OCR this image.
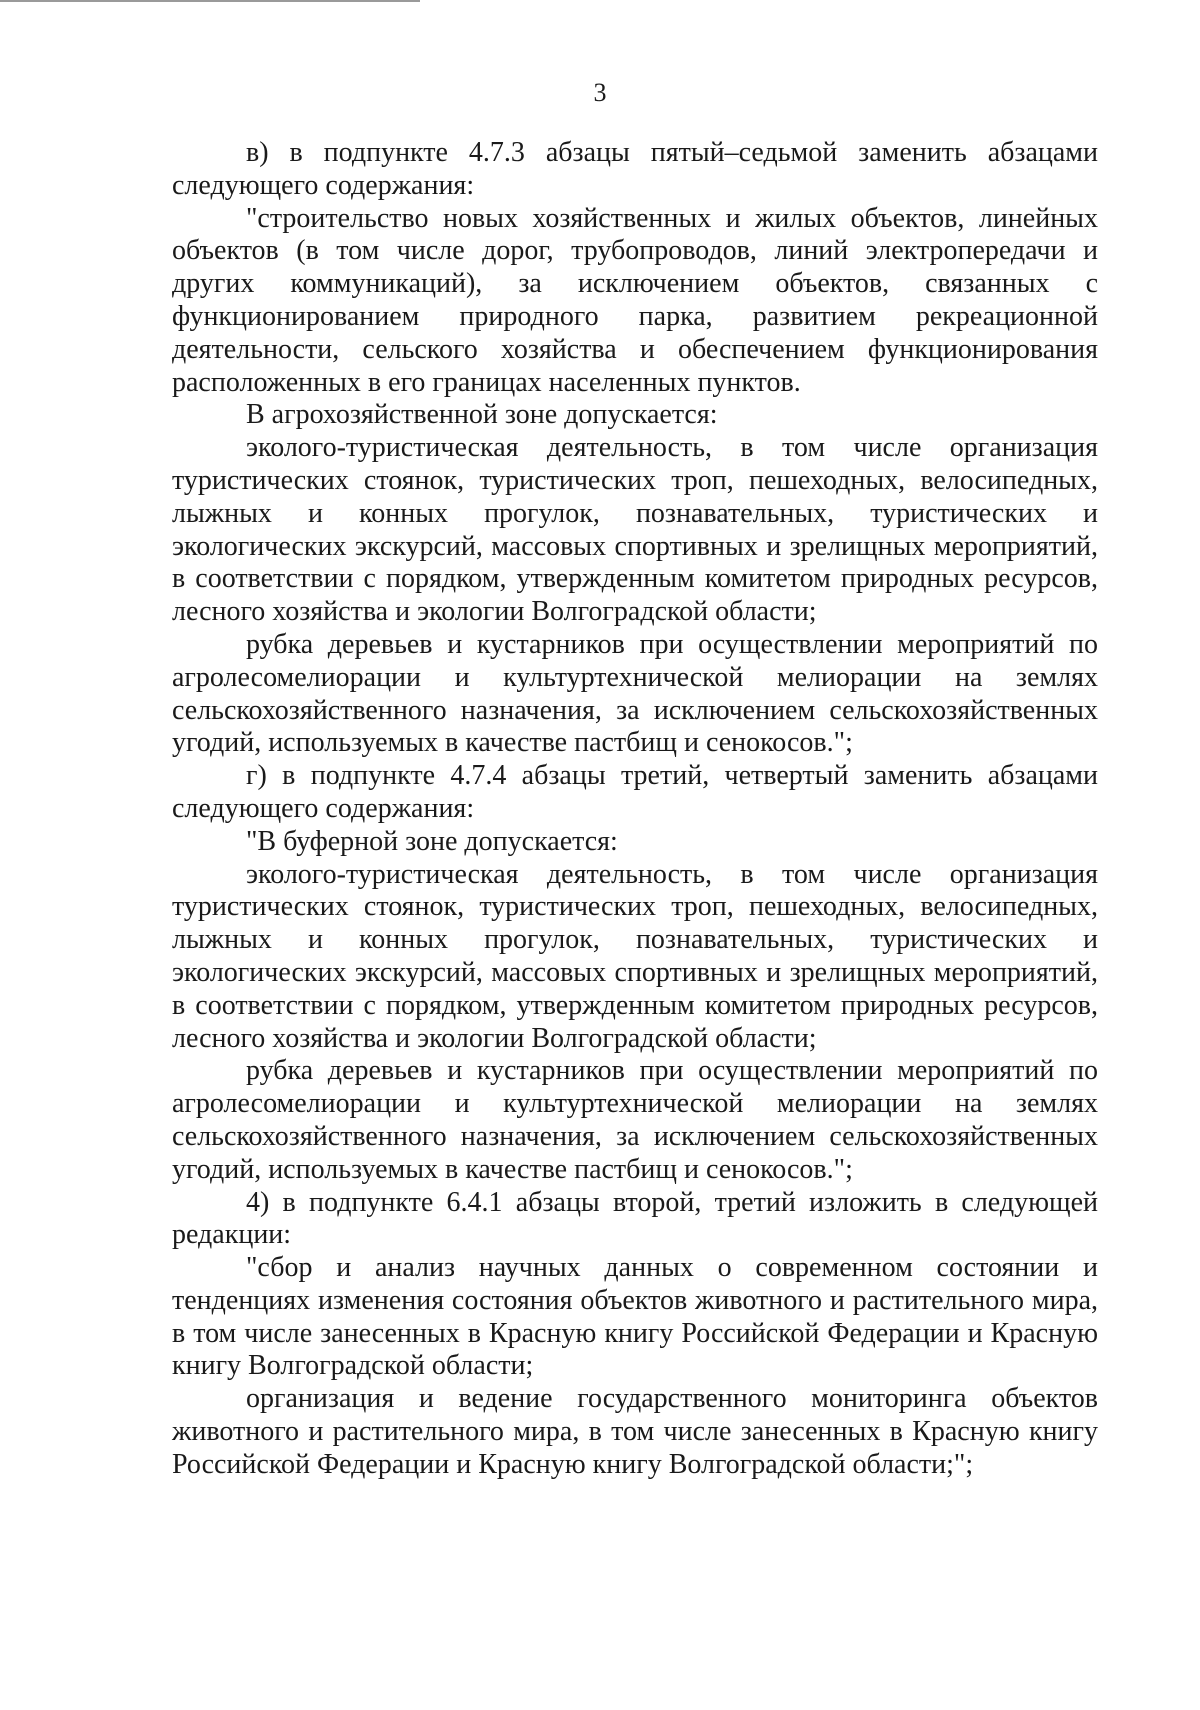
3

в) в подпункте 4.7.3 абзацы пятый–седьмой заменить абзацами следующего содержания:

"строительство новых хозяйственных и жилых объектов, линейных объектов (в том числе дорог, трубопроводов, линий электропередачи и других коммуникаций), за исключением объектов, связанных с функционированием природного парка, развитием рекреационной деятельности, сельского хозяйства и обеспечением функционирования расположенных в его границах населенных пунктов.

В агрохозяйственной зоне допускается:

эколого-туристическая деятельность, в том числе организация туристических стоянок, туристических троп, пешеходных, велосипедных, лыжных и конных прогулок, познавательных, туристических и экологических экскурсий, массовых спортивных и зрелищных мероприятий, в соответствии с порядком, утвержденным комитетом природных ресурсов, лесного хозяйства и экологии Волгоградской области;

рубка деревьев и кустарников при осуществлении мероприятий по агролесомелиорации и культуртехнической мелиорации на землях сельскохозяйственного назначения, за исключением сельскохозяйственных угодий, используемых в качестве пастбищ и сенокосов.";

г) в подпункте 4.7.4 абзацы третий, четвертый заменить абзацами следующего содержания:

"В буферной зоне допускается:

эколого-туристическая деятельность, в том числе организация туристических стоянок, туристических троп, пешеходных, велосипедных, лыжных и конных прогулок, познавательных, туристических и экологических экскурсий, массовых спортивных и зрелищных мероприятий, в соответствии с порядком, утвержденным комитетом природных ресурсов, лесного хозяйства и экологии Волгоградской области;

рубка деревьев и кустарников при осуществлении мероприятий по агролесомелиорации и культуртехнической мелиорации на землях сельскохозяйственного назначения, за исключением сельскохозяйственных угодий, используемых в качестве пастбищ и сенокосов.";

4) в подпункте 6.4.1 абзацы второй, третий изложить в следующей редакции:

"сбор и анализ научных данных о современном состоянии и тенденциях изменения состояния объектов животного и растительного мира, в том числе занесенных в Красную книгу Российской Федерации и Красную книгу Волгоградской области;

организация и ведение государственного мониторинга объектов животного и растительного мира, в том числе занесенных в Красную книгу Российской Федерации и Красную книгу Волгоградской области;";
